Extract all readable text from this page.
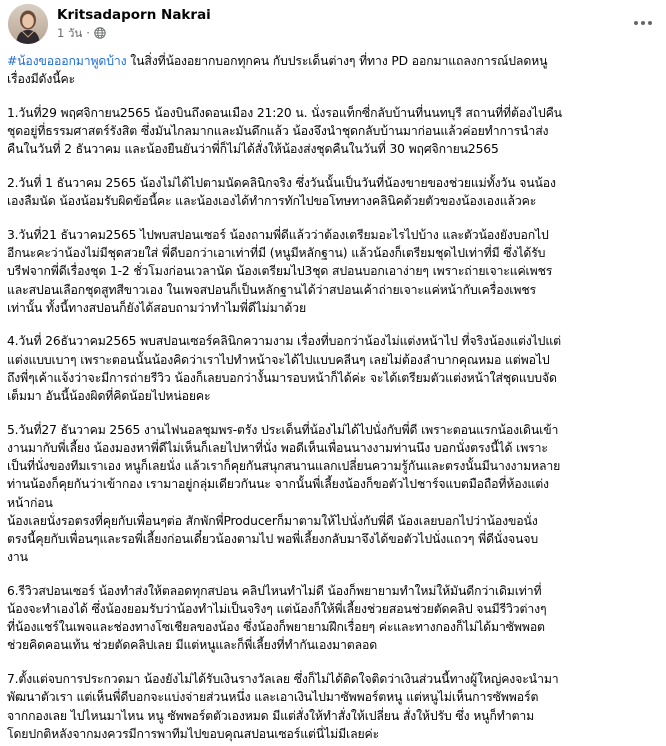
Kritsadaporn Nakrai
1 วัน ·
#น้องขอออกมาพูดบ้าง ในสิ่งที่น้องอยากบอกทุกคน กับประเด็นต่างๆ ที่ทาง PD ออกมาแถลงการณ์ปลดหนู
เรื่องมีดังนี้คะ
1.วันที่29 พฤศจิกายน2565 น้องบินถึงดอนเมือง 21:20 น. นั่งรอแท็กซี่กลับบ้านที่นนทบุรี สถานที่ที่ต้องไปคืน
ชุดอยู่ที่ธรรมศาสตร์รังสิต ซึ่งมันไกลมากและมันดึกแล้ว น้องจึงนำชุดกลับบ้านมาก่อนแล้วค่อยทำการนำส่ง
คืนในวันที่ 2 ธันวาคม และน้องยืนยันว่าพี่ก็ไม่ได้สั่งให้น้องส่งชุดคืนในวันที่ 30 พฤศจิกายน2565
2.วันที่ 1 ธันวาคม 2565 น้องไม่ได้ไปตามนัดคลินิกจริง ซึ่งวันนั้นเป็นวันที่น้องขายของช่วยแม่ทั้งวัน จนน้อง
เองลืมนัด น้องน้อมรับผิดข้อนี้คะ และน้องเองได้ทำการทักไปขอโทษทางคลินิคด้วยตัวของน้องเองแล้วคะ
3.วันที่21 ธันวาคม2565 ไปพบสปอนเซอร์ น้องถามพี่ดีแล้วว่าต้องเตรียมอะไรไปบ้าง และตัวน้องยังบอกไป
อีกนะคะว่าน้องไม่มีชุดสวยใส่ พี่ดีบอกว่าเอาเท่าที่มี (หนูมีหลักฐาน) แล้วน้องก็เตรียมชุดไปเท่าที่มี ซึ่งได้รับ
บรีฟจากพี่ดีเรื่องชุด 1-2 ชั่วโมงก่อนเวลานัด น้องเตรียมไป3ชุด สปอนบอกเอาง่ายๆ เพราะถ่ายเจาะแค่เพชร
และสปอนเลือกชุดสูทสีขาวเอง ในเพจสปอนก็เป็นหลักฐานได้ว่าสปอนเค้าถ่ายเจาะแค่หน้ากับเครื่องเพชร
เท่านั้น ทั้งนี้ทางสปอนก็ยังได้สอบถามว่าทำไมพี่ดีไม่มาด้วย
4.วันที่ 26ธันวาคม2565 พบสปอนเซอร์คลินิกความงาม เรื่องที่บอกว่าน้องไม่แต่งหน้าไป ที่จริงน้องแต่งไปแต่
แต่งแบบเบาๆ เพราะตอนนั้นน้องคิดว่าเราไปทำหน้าจะได้ไปแบบคลีนๆ เลยไม่ต้องลำบากคุณหมอ แต่พอไป
ถึงพี่ๆเค้าแจ้งว่าจะมีการถ่ายรีวิว น้องก็เลยบอกว่างั้นมารอบหน้าก็ได้ค่ะ จะได้เตรียมตัวแต่งหน้าใส่ชุดแบบจัด
เต็มมา อันนี้น้องผิดที่คิดน้อยไปหน่อยคะ
5.วันที่27 ธันวาคม 2565 งานไฟนอลชุมพร-ตรัง ประเด็นที่น้องไม่ได้ไปนั่งกับพี่ดี เพราะตอนแรกน้องเดินเข้า
งานมากับพี่เลี้ยง น้องมองหาพี่ดีไม่เห็นก็เลยไปหาที่นั่ง พอดีเห็นเพื่อนนางงามท่านนึง บอกนั่งตรงนี้ได้ เพราะ
เป็นที่นั่งของทีมเราเอง หนูก็เลยนั่ง แล้วเราก็คุยกันสนุกสนานแลกเปลี่ยนความรู้กันและตรงนั้นมีนางงามหลาย
ท่านน้องก็คุยกันว่าเข้ากอง เรามาอยู่กลุ่มเดียวกันนะ จากนั้นพี่เลี้ยงน้องก็ขอตัวไปชาร์จแบตมือถือที่ห้องแต่ง
หน้าก่อน
น้องเลยนั่งรอตรงที่คุยกับเพื่อนๆต่อ สักพักพี่Producerก็มาตามให้ไปนั่งกับพี่ดี น้องเลยบอกไปว่าน้องขอนั่ง
ตรงนี้คุยกับเพื่อนๆและรอพี่เลี้ยงก่อนเดี๋ยวน้องตามไป พอพี่เลี้ยงกลับมาจึงได้ขอตัวไปนั่งแถวๆ พี่ดีนั่งจนจบ
งาน
6.รีวิวสปอนเซอร์ น้องทำส่งให้ตลอดทุกสปอน คลิปไหนทำไม่ดี น้องก็พยายามทำใหม่ให้มันดีกว่าเดิมเท่าที่
น้องจะทำเองได้ ซึ่งน้องยอมรับว่าน้องทำไม่เป็นจริงๆ แต่น้องก็ให้พี่เลี้ยงช่วยสอนช่วยตัดคลิป จนมีรีวิวต่างๆ
ที่น้องแชร์ในเพจและช่องทางโซเชียลของน้อง ซึ่งน้องก็พยายามฝึกเรื่อยๆ ค่ะและทางกองก็ไม่ได้มาซัพพอต
ช่วยคิดคอนเท้น ช่วยตัดคลิปเลย มีแต่หนูและก็พี่เลี้ยงที่ทำกันเองมาตลอด
7.ตั้งแต่จบการประกวดมา น้องยังไม่ได้รับเงินรางวัลเลย ซึ่งก็ไม่ได้ติดใจติดว่าเงินส่วนนี้ทางผู้ใหญ่คงจะนำมา
พัฒนาตัวเรา แต่เห็นพี่ดีบอกจะแบ่งจ่ายส่วนหนึ่ง และเอาเงินไปมาซัพพอร์ตหนู แต่หนูไม่เห็นการซัพพอร์ต
จากกองเลย ไปไหนมาไหน หนู ซัพพอร์ตตัวเองหมด มีแต่สั่งให้ทำสั่งให้เปลี่ยน สั่งให้ปรับ ซึ่ง หนูก็ทำตาม
โดยปกติหลังจากมงควรมีการพาทีมไปขอบคุณสปอนเซอร์แต่นี่ไม่มีเลยค่ะ
